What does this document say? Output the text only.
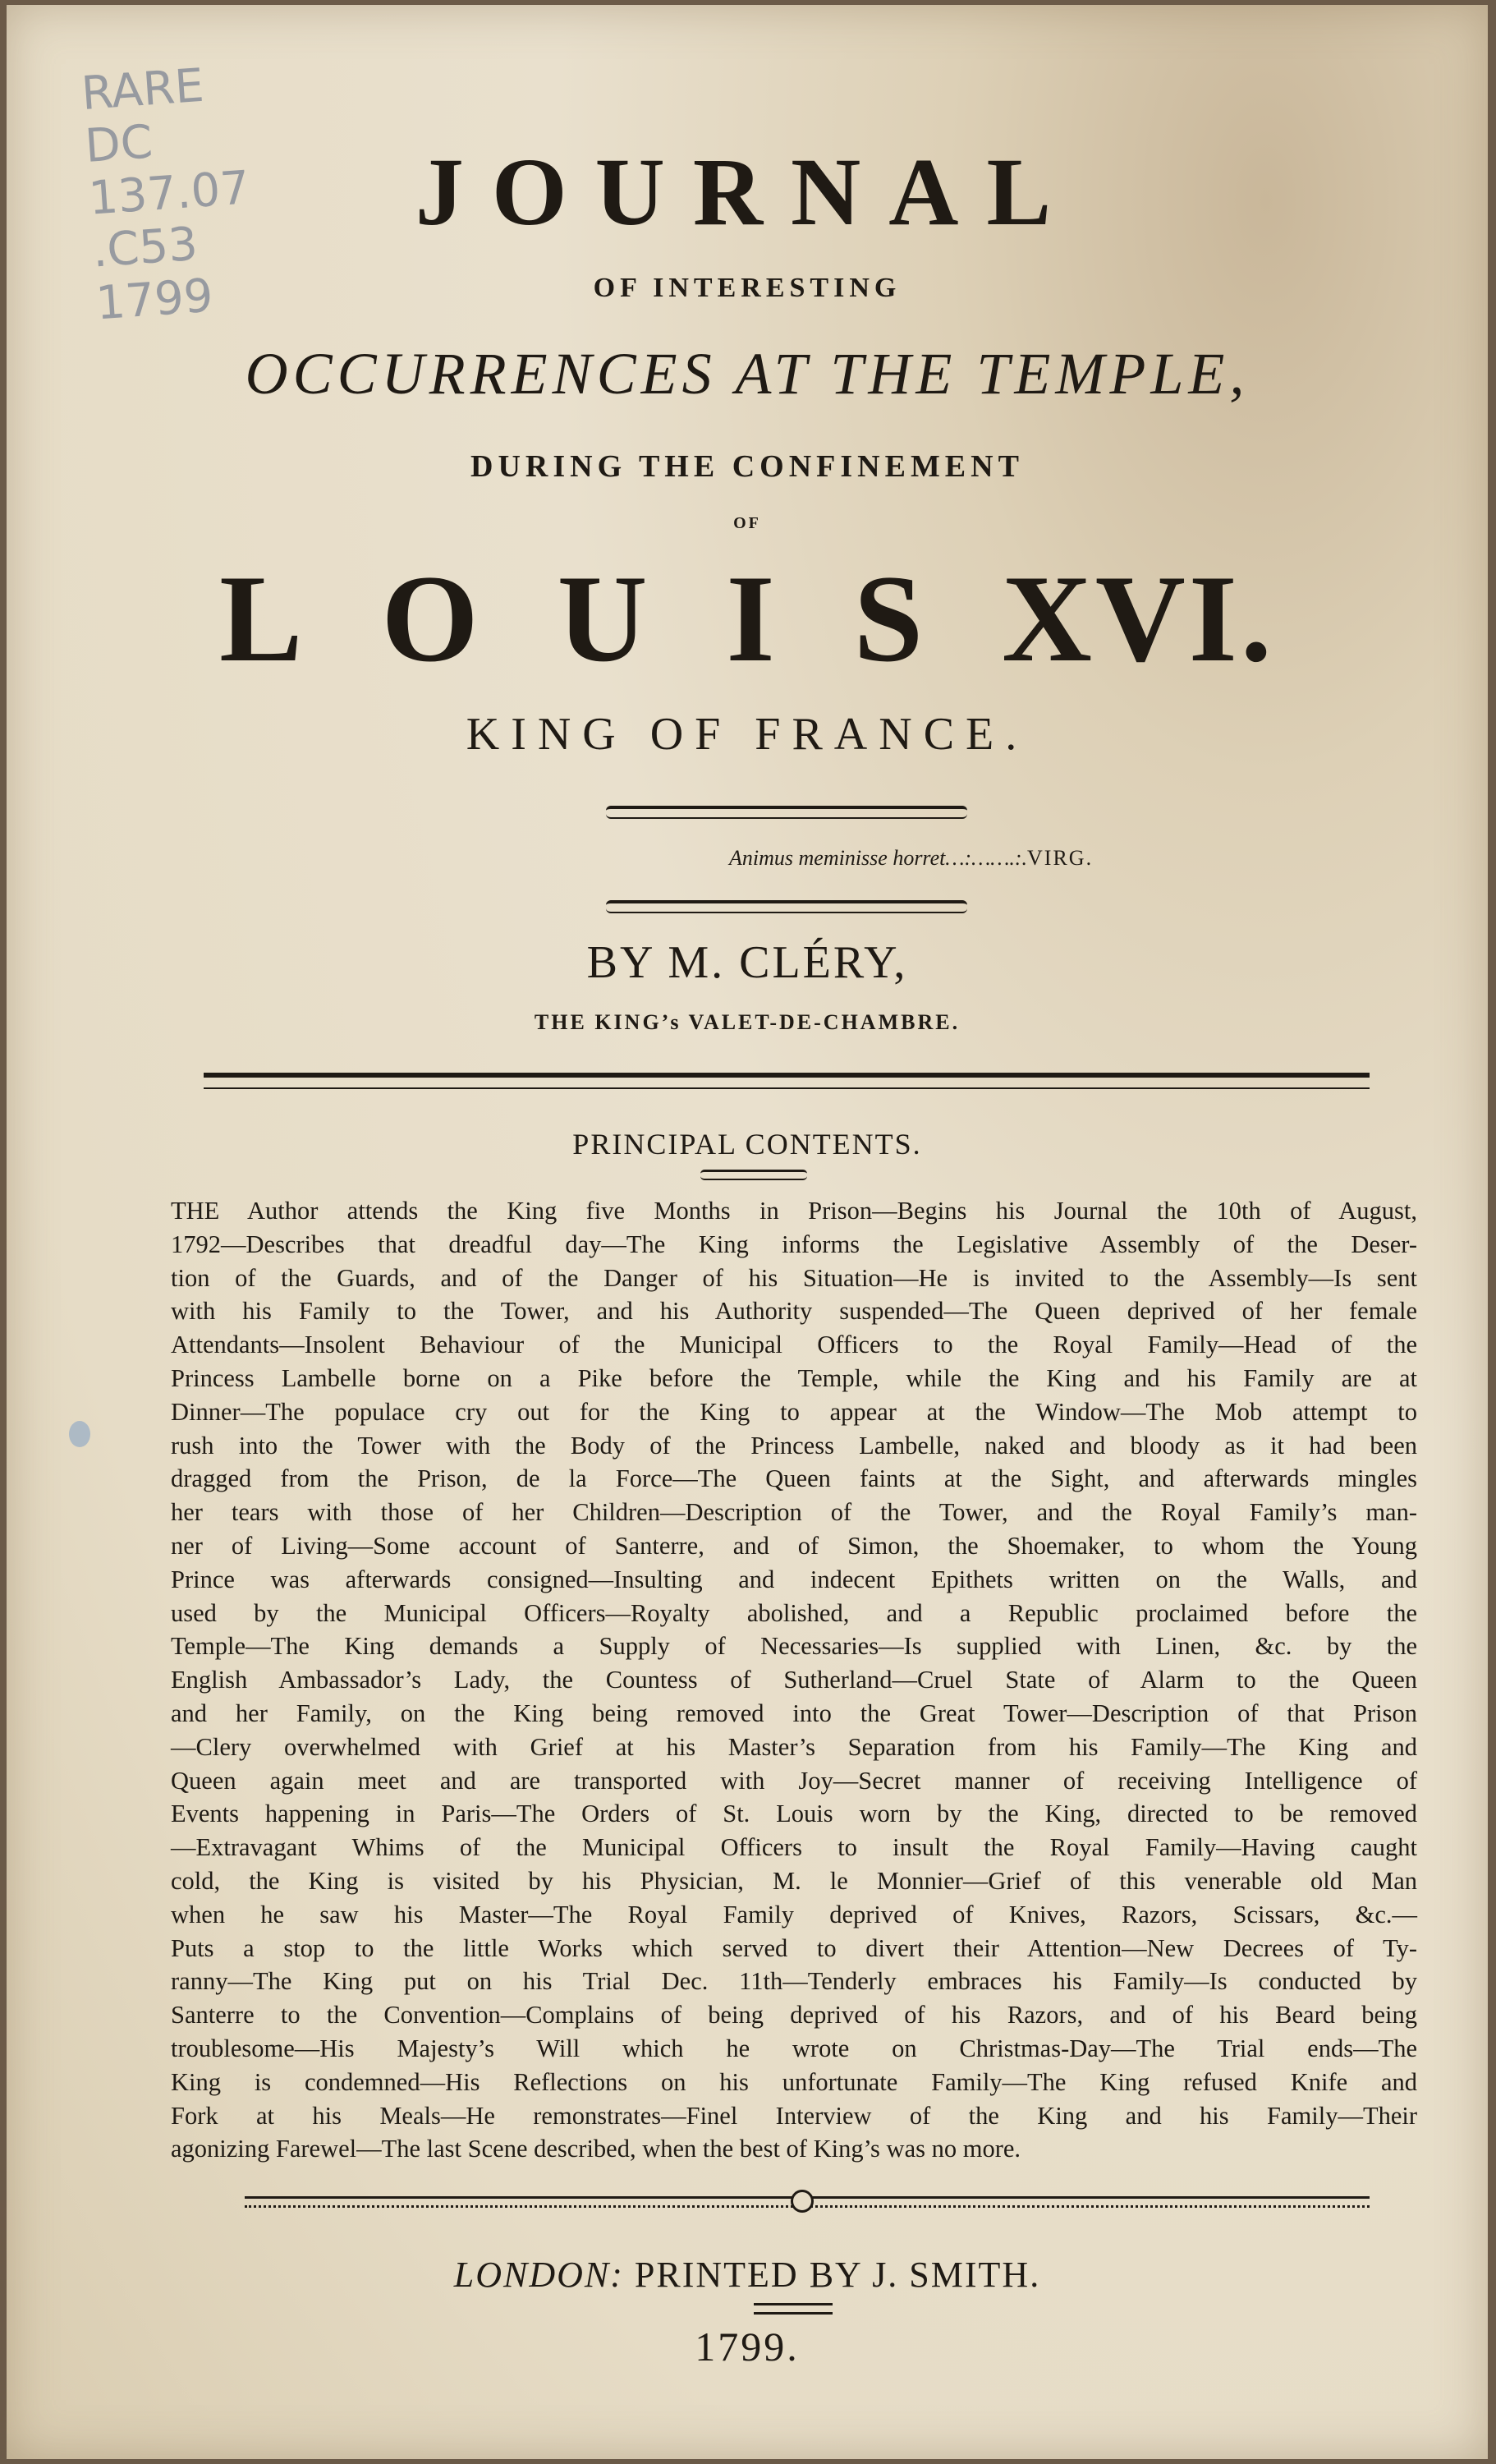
RARE
DC
137.07
.C53
1799
JOURNAL
OF INTERESTING
OCCURRENCES AT THE TEMPLE,
DURING THE CONFINEMENT
OF
LOUISXVI.
KING OF FRANCE.
Animus meminisse horret…:…….:.VIRG.
BY M. CLÉRY,
THE KING’s VALET-DE-CHAMBRE.
PRINCIPAL CONTENTS.
THE Author attends the King five Months in Prison—Begins his Journal the 10th of August,
1792—Describes that dreadful day—The King informs the Legislative Assembly of the Deser-
tion of the Guards, and of the Danger of his Situation—He is invited to the Assembly—Is sent
with his Family to the Tower, and his Authority suspended—The Queen deprived of her female
Attendants—Insolent Behaviour of the Municipal Officers to the Royal Family—Head of the
Princess Lambelle borne on a Pike before the Temple, while the King and his Family are at
Dinner—The populace cry out for the King to appear at the Window—The Mob attempt to
rush into the Tower with the Body of the Princess Lambelle, naked and bloody as it had been
dragged from the Prison, de la Force—The Queen faints at the Sight, and afterwards mingles
her tears with those of her Children—Description of the Tower, and the Royal Family’s man-
ner of Living—Some account of Santerre, and of Simon, the Shoemaker, to whom the Young
Prince was afterwards consigned—Insulting and indecent Epithets written on the Walls, and
used by the Municipal Officers—Royalty abolished, and a Republic proclaimed before the
Temple—The King demands a Supply of Necessaries—Is supplied with Linen, &c. by the
English Ambassador’s Lady, the Countess of Sutherland—Cruel State of Alarm to the Queen
and her Family, on the King being removed into the Great Tower—Description of that Prison
—Clery overwhelmed with Grief at his Master’s Separation from his Family—The King and
Queen again meet and are transported with Joy—Secret manner of receiving Intelligence of
Events happening in Paris—The Orders of St. Louis worn by the King, directed to be removed
—Extravagant Whims of the Municipal Officers to insult the Royal Family—Having caught
cold, the King is visited by his Physician, M. le Monnier—Grief of this venerable old Man
when he saw his Master—The Royal Family deprived of Knives, Razors, Scissars, &c.—
Puts a stop to the little Works which served to divert their Attention—New Decrees of Ty-
ranny—The King put on his Trial Dec. 11th—Tenderly embraces his Family—Is conducted by
Santerre to the Convention—Complains of being deprived of his Razors, and of his Beard being
troublesome—His Majesty’s Will which he wrote on Christmas-Day—The Trial ends—The
King is condemned—His Reflections on his unfortunate Family—The King refused Knife and
Fork at his Meals—He remonstrates—Finel Interview of the King and his Family—Their
agonizing Farewel—The last Scene described, when the best of King’s was no more.
LONDON: PRINTED BY J. SMITH.
1799.
